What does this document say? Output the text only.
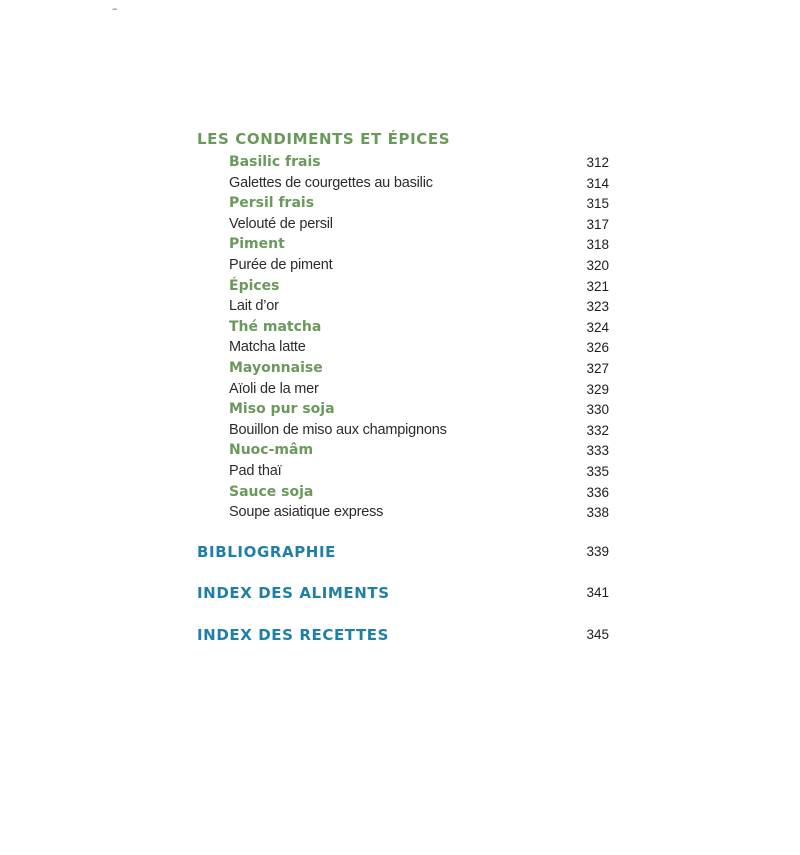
–
LES CONDIMENTS ET ÉPICES
Basilic frais	312
Galettes de courgettes au basilic	314
Persil frais	315
Velouté de persil	317
Piment	318
Purée de piment	320
Épices	321
Lait d’or	323
Thé matcha	324
Matcha latte	326
Mayonnaise	327
Aïoli de la mer	329
Miso pur soja	330
Bouillon de miso aux champignons	332
Nuoc-mâm	333
Pad thaï	335
Sauce soja	336
Soupe asiatique express	338
BIBLIOGRAPHIE	339
INDEX DES ALIMENTS	341
INDEX DES RECETTES	345
